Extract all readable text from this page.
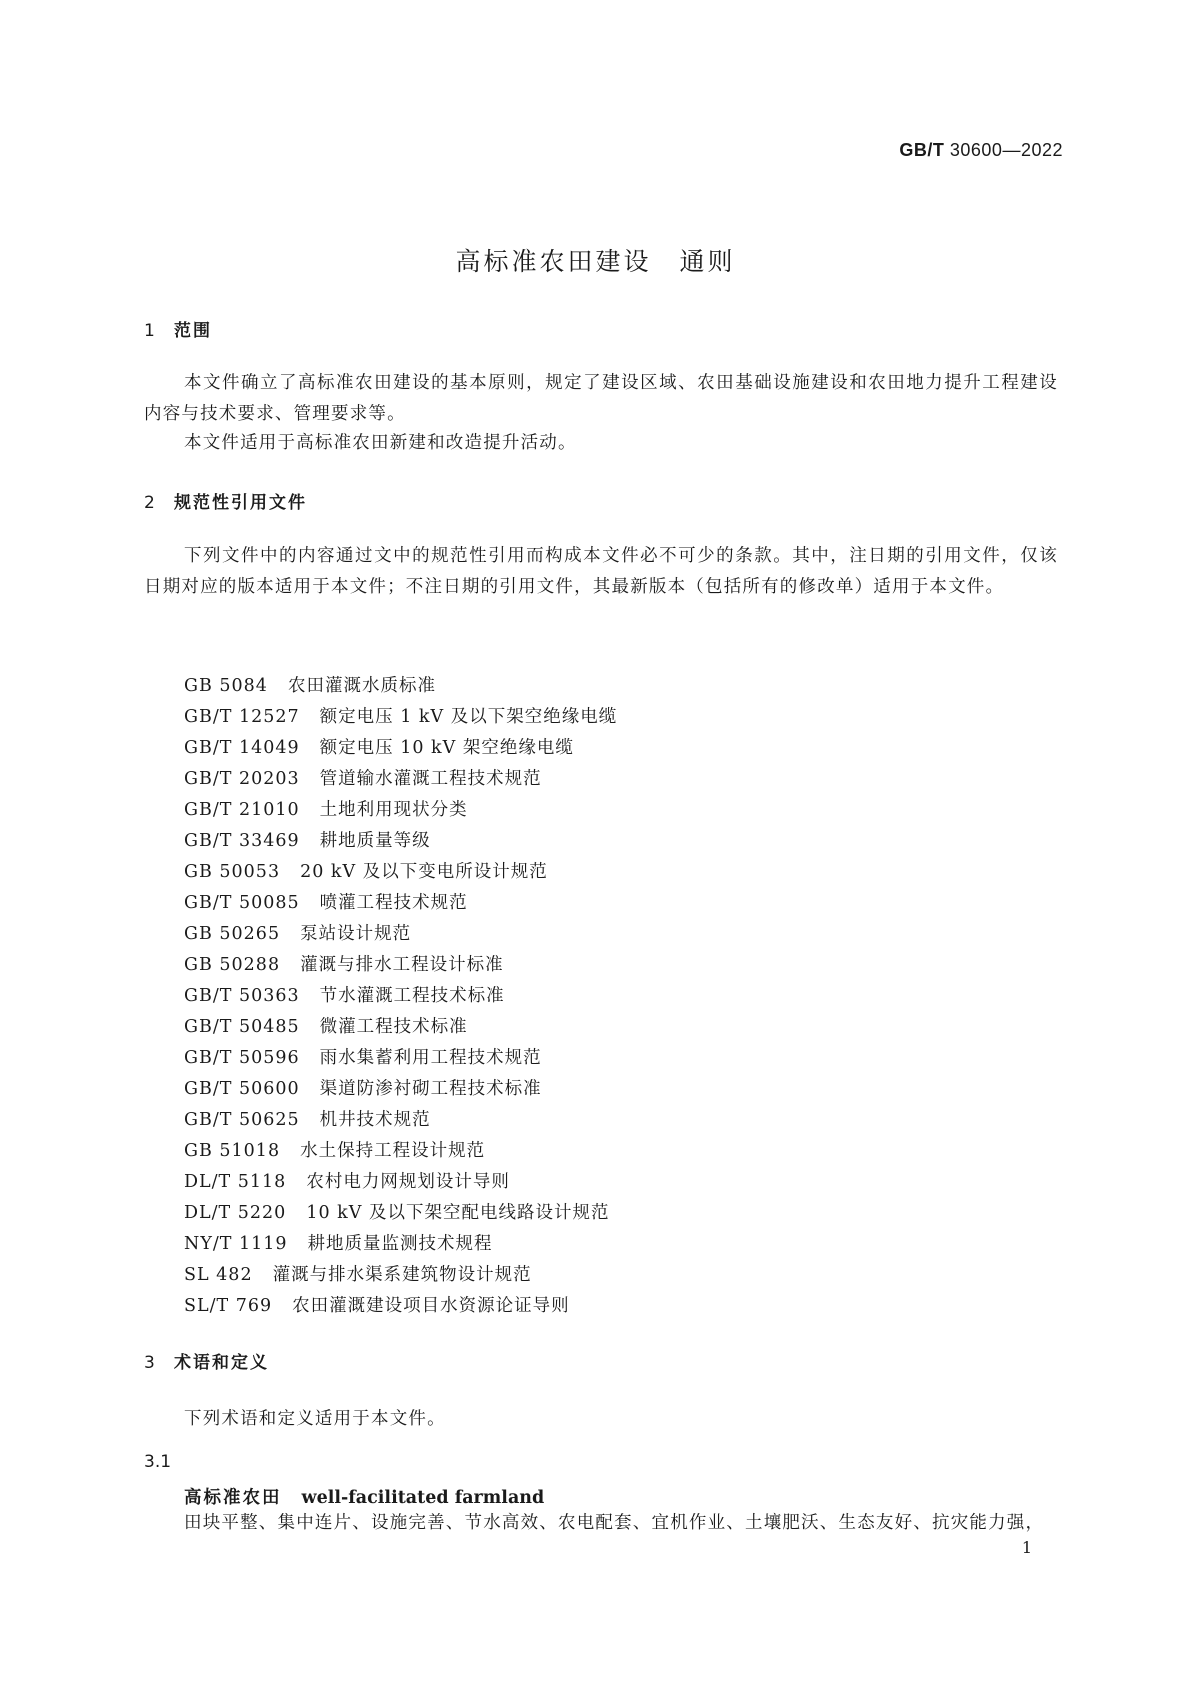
GB/T 30600—2022
高标准农田建设　通则
1 范围

本文件确立了高标准农田建设的基本原则，规定了建设区域、农田基础设施建设和农田地力提升工程建设内容与技术要求、管理要求等。

本文件适用于高标准农田新建和改造提升活动。

2 规范性引用文件

下列文件中的内容通过文中的规范性引用而构成本文件必不可少的条款。其中，注日期的引用文件，仅该日期对应的版本适用于本文件；不注日期的引用文件，其最新版本（包括所有的修改单）适用于本文件。

GB 5084 农田灌溉水质标准
GB/T 12527 额定电压 1 kV 及以下架空绝缘电缆
GB/T 14049 额定电压 10 kV 架空绝缘电缆
GB/T 20203 管道输水灌溉工程技术规范
GB/T 21010 土地利用现状分类
GB/T 33469 耕地质量等级
GB 50053 20 kV 及以下变电所设计规范
GB/T 50085 喷灌工程技术规范
GB 50265 泵站设计规范
GB 50288 灌溉与排水工程设计标准
GB/T 50363 节水灌溉工程技术标准
GB/T 50485 微灌工程技术标准
GB/T 50596 雨水集蓄利用工程技术规范
GB/T 50600 渠道防渗衬砌工程技术标准
GB/T 50625 机井技术规范
GB 51018 水土保持工程设计规范
DL/T 5118 农村电力网规划设计导则
DL/T 5220 10 kV 及以下架空配电线路设计规范
NY/T 1119 耕地质量监测技术规程
SL 482 灌溉与排水渠系建筑物设计规范
SL/T 769 农田灌溉建设项目水资源论证导则
3 术语和定义

下列术语和定义适用于本文件。

3.1
高标准农田 well-facilitated farmland

田块平整、集中连片、设施完善、节水高效、农电配套、宜机作业、土壤肥沃、生态友好、抗灾能力强，

1
